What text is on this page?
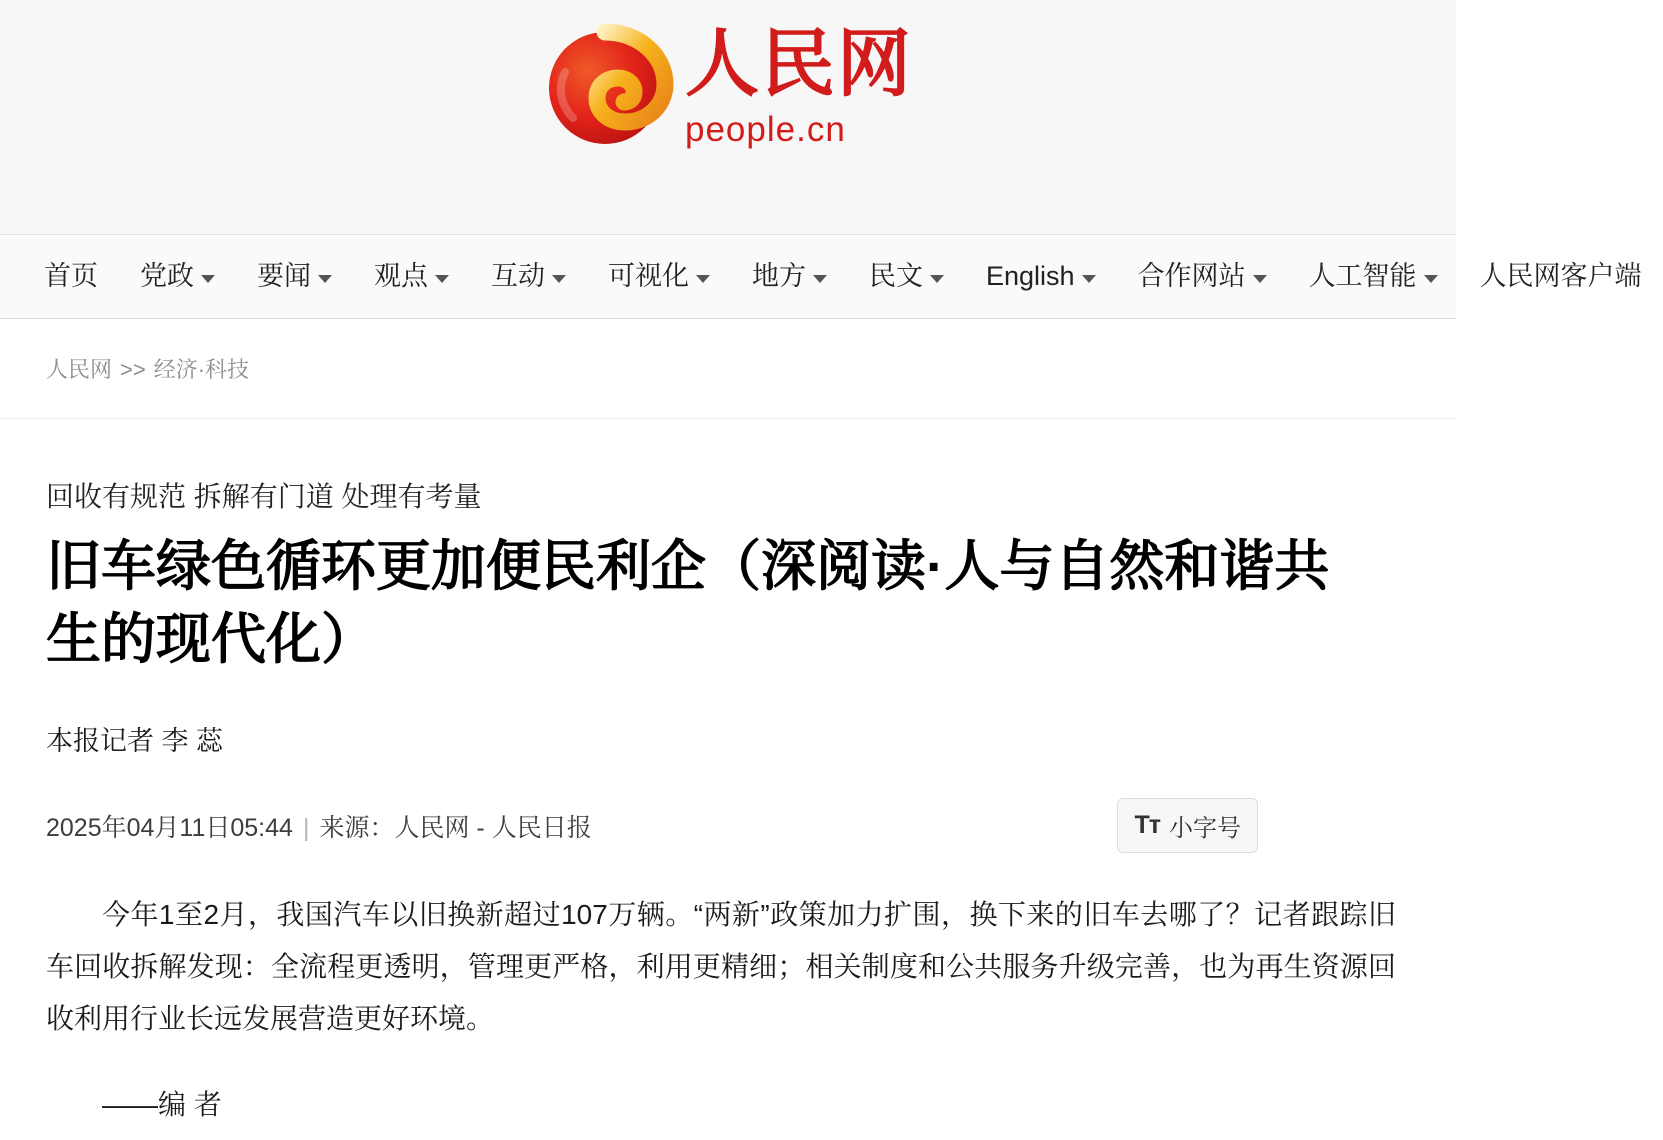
人民网
people.cn
首页 党政 要闻 观点 互动 可视化 地方 民文 English 合作网站 人工智能 人民网客户端
人民网 >> 经济·科技
回收有规范 拆解有门道 处理有考量
旧车绿色循环更加便民利企（深阅读·人与自然和谐共生的现代化）
本报记者 李 蕊
2025年04月11日05:44 | 来源：人民网 - 人民日报	Tᴛ 小字号

今年1至2月，我国汽车以旧换新超过107万辆。“两新”政策加力扩围，换下来的旧车去哪了？记者跟踪旧车回收拆解发现：全流程更透明，管理更严格，利用更精细；相关制度和公共服务升级完善，也为再生资源回收利用行业长远发展营造更好环境。

——编 者
